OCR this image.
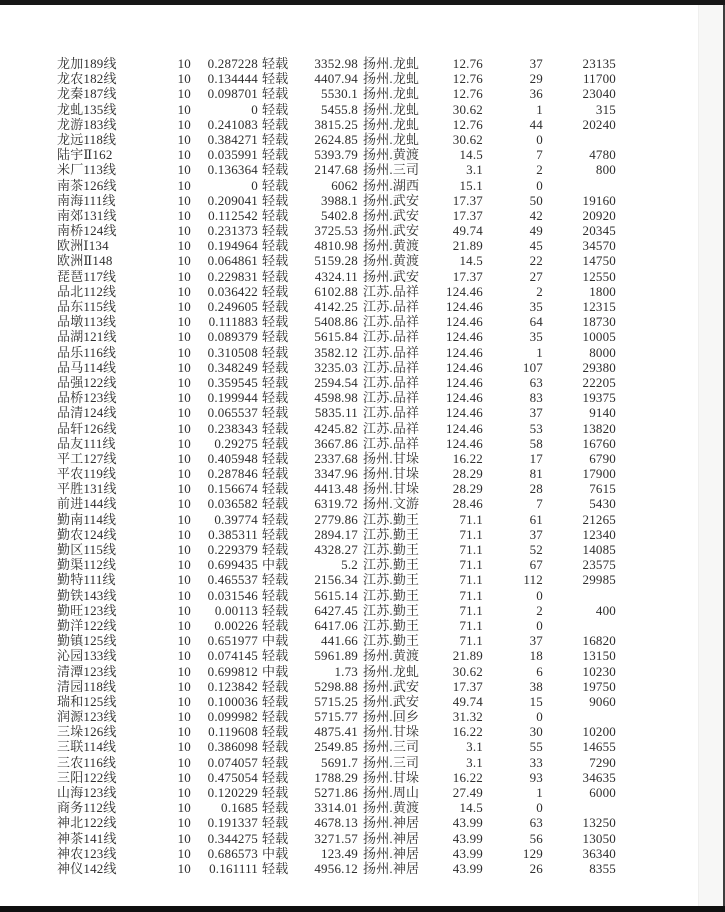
龙加189线	10	0.287228 轻载	3352.98 扬州.龙虬	12.76	37	23135
龙农182线	10	0.134444 轻载	4407.94 扬州.龙虬	12.76	29	11700
龙秦187线	10	0.098701 轻载	5530.1 扬州.龙虬	12.76	36	23040
龙虬135线	10	0 轻载	5455.8 扬州.龙虬	30.62	1	315
龙游183线	10	0.241083 轻载	3815.25 扬州.龙虬	12.76	44	20240
龙远118线	10	0.384271 轻载	2624.85 扬州.龙虬	30.62	0
陆宇Ⅱ162	10	0.035991 轻载	5393.79 扬州.黄渡	14.5	7	4780
米厂113线	10	0.136364 轻载	2147.68 扬州.三司	3.1	2	800
南茶126线	10	0 轻载	6062 扬州.湖西	15.1	0
南海111线	10	0.209041 轻载	3988.1 扬州.武安	17.37	50	19160
南郊131线	10	0.112542 轻载	5402.8 扬州.武安	17.37	42	20920
南桥124线	10	0.231373 轻载	3725.53 扬州.武安	49.74	49	20345
欧洲Ⅰ134	10	0.194964 轻载	4810.98 扬州.黄渡	21.89	45	34570
欧洲Ⅱ148	10	0.064861 轻载	5159.28 扬州.黄渡	14.5	22	14750
琵琶117线	10	0.229831 轻载	4324.11 扬州.武安	17.37	27	12550
品北112线	10	0.036422 轻载	6102.88 江苏.品祥	124.46	2	1800
品东115线	10	0.249605 轻载	4142.25 江苏.品祥	124.46	35	12315
品墩113线	10	0.111883 轻载	5408.86 江苏.品祥	124.46	64	18730
品湖121线	10	0.089379 轻载	5615.84 江苏.品祥	124.46	35	10005
品乐116线	10	0.310508 轻载	3582.12 江苏.品祥	124.46	1	8000
品马114线	10	0.348249 轻载	3235.03 江苏.品祥	124.46	107	29380
品强122线	10	0.359545 轻载	2594.54 江苏.品祥	124.46	63	22205
品桥123线	10	0.199944 轻载	4598.98 江苏.品祥	124.46	83	19375
品清124线	10	0.065537 轻载	5835.11 江苏.品祥	124.46	37	9140
品轩126线	10	0.238343 轻载	4245.82 江苏.品祥	124.46	53	13820
品友111线	10	0.29275 轻载	3667.86 江苏.品祥	124.46	58	16760
平工127线	10	0.405948 轻载	2337.68 扬州.甘垛	16.22	17	6790
平农119线	10	0.287846 轻载	3347.96 扬州.甘垛	28.29	81	17900
平胜131线	10	0.156674 轻载	4413.48 扬州.甘垛	28.29	28	7615
前进144线	10	0.036582 轻载	6319.72 扬州.文游	28.46	7	5430
勤南114线	10	0.39774 轻载	2779.86 江苏.勤王	71.1	61	21265
勤农124线	10	0.385311 轻载	2894.17 江苏.勤王	71.1	37	12340
勤区115线	10	0.229379 轻载	4328.27 江苏.勤王	71.1	52	14085
勤渠112线	10	0.699435 中载	5.2 江苏.勤王	71.1	67	23575
勤特111线	10	0.465537 轻载	2156.34 江苏.勤王	71.1	112	29985
勤铁143线	10	0.031546 轻载	5615.14 江苏.勤王	71.1	0
勤旺123线	10	0.00113 轻载	6427.45 江苏.勤王	71.1	2	400
勤洋122线	10	0.00226 轻载	6417.06 江苏.勤王	71.1	0
勤镇125线	10	0.651977 中载	441.66 江苏.勤王	71.1	37	16820
沁园133线	10	0.074145 轻载	5961.89 扬州.黄渡	21.89	18	13150
清潭123线	10	0.699812 中载	1.73 扬州.龙虬	30.62	6	10230
清园118线	10	0.123842 轻载	5298.88 扬州.武安	17.37	38	19750
瑞和125线	10	0.100036 轻载	5715.25 扬州.武安	49.74	15	9060
润源123线	10	0.099982 轻载	5715.77 扬州.回乡	31.32	0
三垛126线	10	0.119608 轻载	4875.41 扬州.甘垛	16.22	30	10200
三联114线	10	0.386098 轻载	2549.85 扬州.三司	3.1	55	14655
三农116线	10	0.074057 轻载	5691.7 扬州.三司	3.1	33	7290
三阳122线	10	0.475054 轻载	1788.29 扬州.甘垛	16.22	93	34635
山海123线	10	0.120229 轻载	5271.86 扬州.周山	27.49	1	6000
商务112线	10	0.1685 轻载	3314.01 扬州.黄渡	14.5	0
神北122线	10	0.191337 轻载	4678.13 扬州.神居	43.99	63	13250
神茶141线	10	0.344275 轻载	3271.57 扬州.神居	43.99	56	13050
神农123线	10	0.686573 中载	123.49 扬州.神居	43.99	129	36340
神仪142线	10	0.161111 轻载	4956.12 扬州.神居	43.99	26	8355
